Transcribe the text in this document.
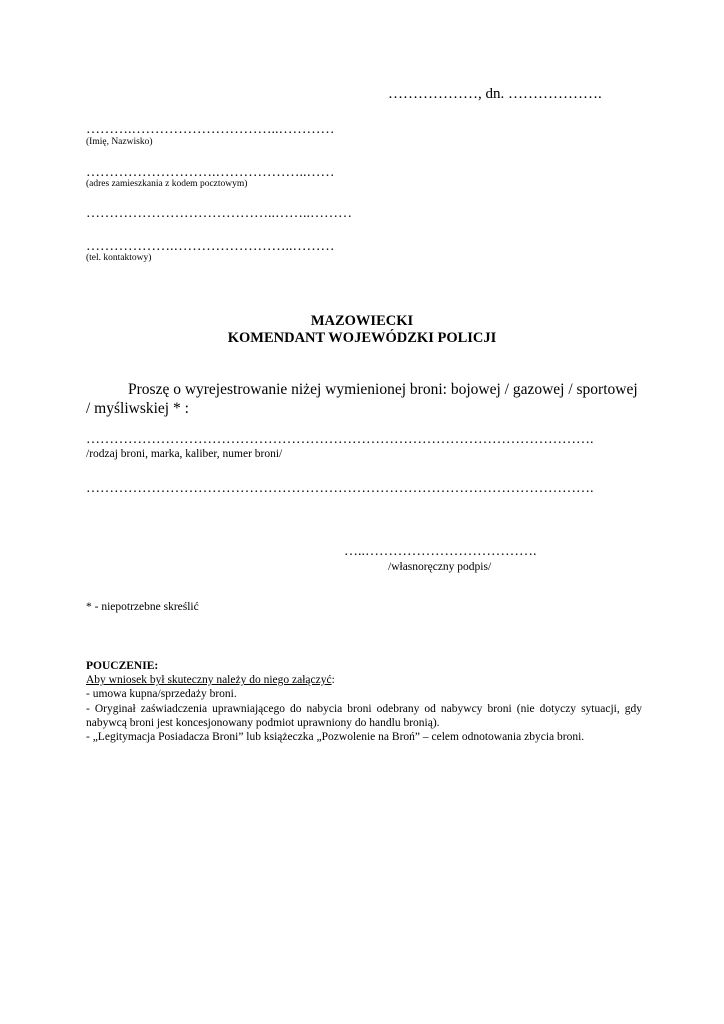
………………, dn. ……………….
……….…………………………..…………
(Imię, Nazwisko)
……………………….………………..……
(adres zamieszkania z kodem pocztowym)
…………………………………..……..………
……………….……………………..………
(tel. kontaktowy)
MAZOWIECKI
KOMENDANT WOJEWÓDZKI POLICJI
Proszę o wyrejestrowanie niżej wymienionej broni: bojowej / gazowej / sportowej / myśliwskiej * :
……………………………………………………………………………………………….
/rodzaj broni, marka, kaliber, numer broni/
……………………………………………………………………………………………….
…..……………………………….
/własnoręczny podpis/
* - niepotrzebne skreślić
POUCZENIE:
Aby wniosek był skuteczny należy do niego załączyć:
- umowa kupna/sprzedaży broni.
- Oryginał zaświadczenia uprawniającego do nabycia broni odebrany od nabywcy broni (nie dotyczy sytuacji, gdy nabywcą broni jest koncesjonowany podmiot uprawniony do handlu bronią).
- „Legitymacja Posiadacza Broni” lub książeczka „Pozwolenie na Broń” – celem odnotowania zbycia broni.
